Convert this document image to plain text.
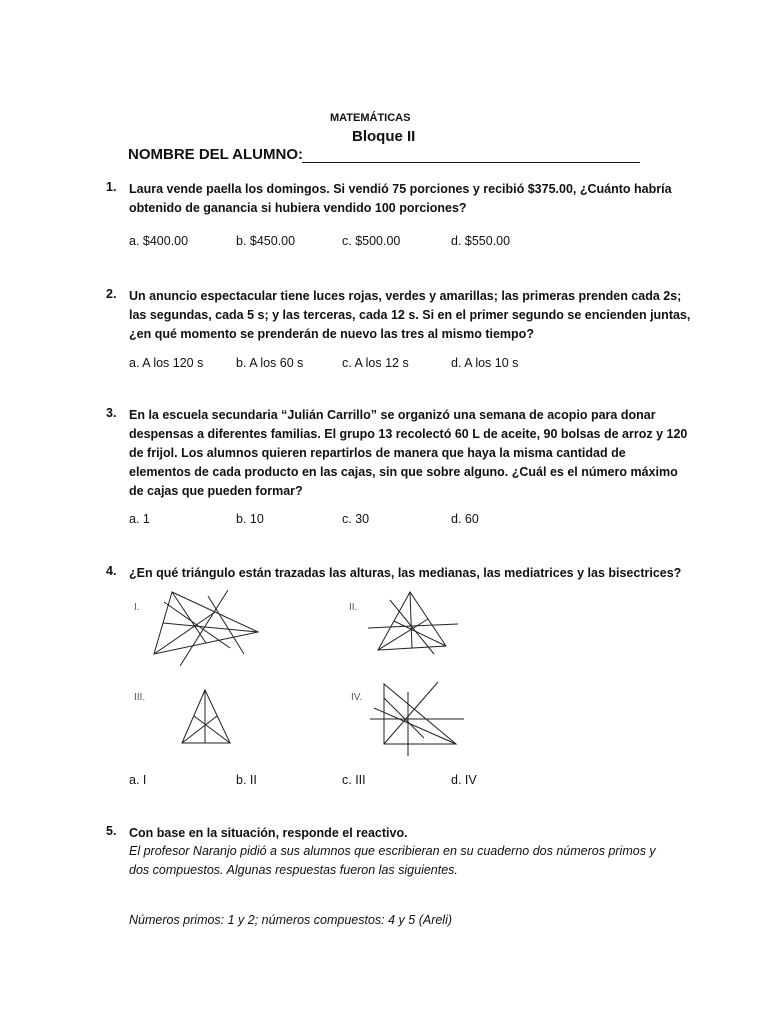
MATEMÁTICAS
Bloque II
NOMBRE DEL ALUMNO:
1. Laura vende paella los domingos. Si vendió 75 porciones y recibió $375.00, ¿Cuánto habría
obtenido de ganancia si hubiera vendido 100 porciones?
a. $400.00	b. $450.00	c. $500.00	d. $550.00
2. Un anuncio espectacular tiene luces rojas, verdes y amarillas; las primeras prenden cada 2s;
las segundas, cada 5 s; y las terceras, cada 12 s. Si en el primer segundo se encienden juntas,
¿en qué momento se prenderán de nuevo las tres al mismo tiempo?
a. A los 120 s	b. A los 60 s	c. A los 12 s	d. A los 10 s
3. En la escuela secundaria “Julián Carrillo” se organizó una semana de acopio para donar
despensas a diferentes familias. El grupo 13 recolectó 60 L de aceite, 90 bolsas de arroz y 120
de frijol. Los alumnos quieren repartirlos de manera que haya la misma cantidad de
elementos de cada producto en las cajas, sin que sobre alguno. ¿Cuál es el número máximo
de cajas que pueden formar?
a. 1	b. 10	c. 30	d. 60
4. ¿En qué triángulo están trazadas las alturas, las medianas, las mediatrices y las bisectrices?
I.	II.
III.	IV.
a. I	b. II	c. III	d. IV
5. Con base en la situación, responde el reactivo.
El profesor Naranjo pidió a sus alumnos que escribieran en su cuaderno dos números primos y
dos compuestos. Algunas respuestas fueron las siguientes.
Números primos: 1 y 2; números compuestos: 4 y 5 (Areli)
